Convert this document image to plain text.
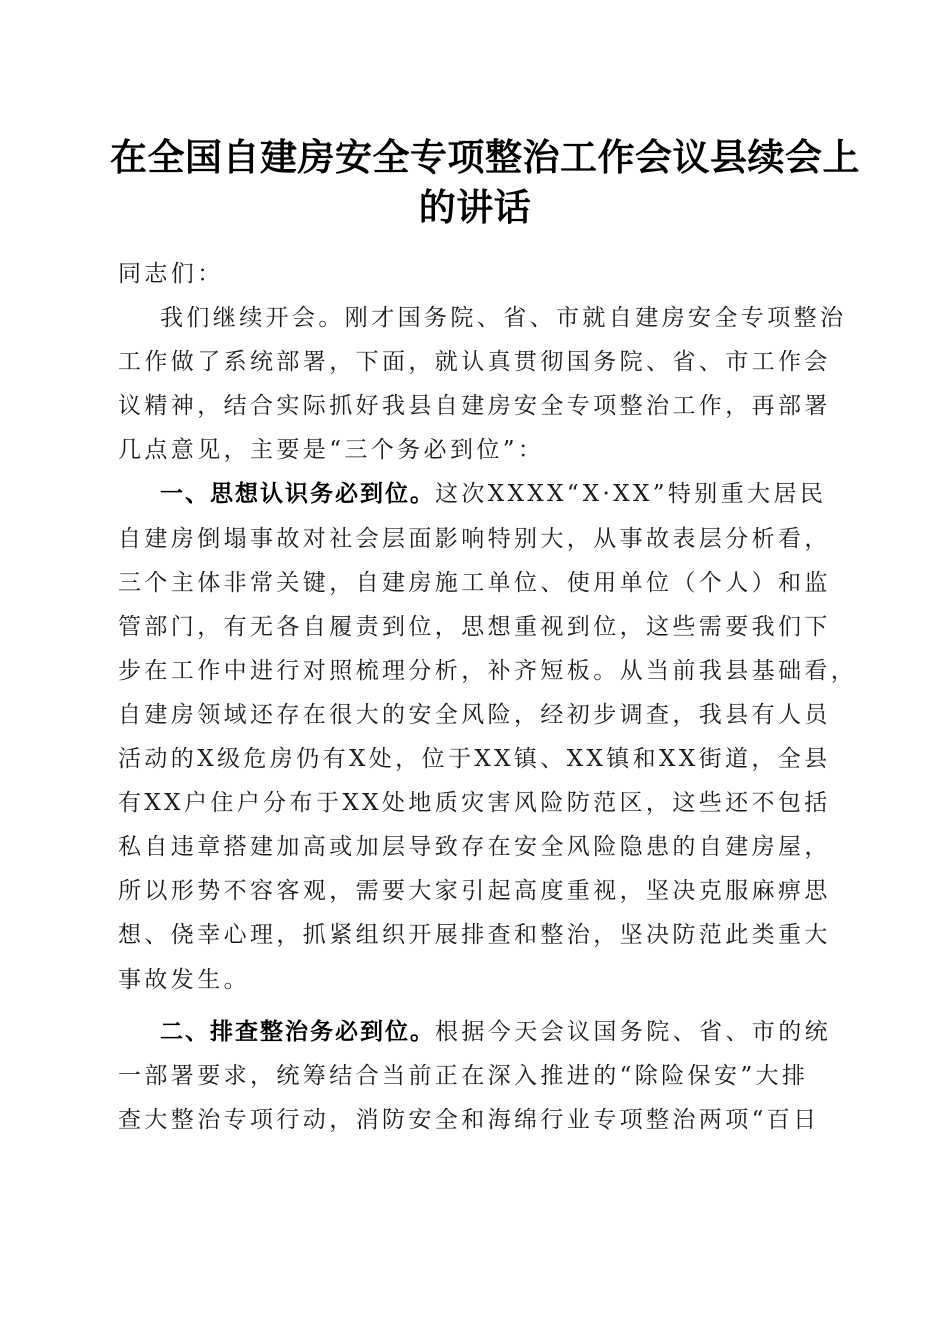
在全国自建房安全专项整治工作会议县续会上
的讲话
同志们：
我们继续开会。刚才国务院、省、市就自建房安全专项整治
工作做了系统部署，下面，就认真贯彻国务院、省、市工作会
议精神，结合实际抓好我县自建房安全专项整治工作，再部署
几点意见，主要是“三个务必到位”：
一、思想认识务必到位。这次XXXX“X·XX”特别重大居民
自建房倒塌事故对社会层面影响特别大，从事故表层分析看，
三个主体非常关键，自建房施工单位、使用单位（个人）和监
管部门，有无各自履责到位，思想重视到位，这些需要我们下
步在工作中进行对照梳理分析，补齐短板。从当前我县基础看，
自建房领域还存在很大的安全风险，经初步调查，我县有人员
活动的X级危房仍有X处，位于XX镇、XX镇和XX街道，全县
有XX户住户分布于XX处地质灾害风险防范区，这些还不包括
私自违章搭建加高或加层导致存在安全风险隐患的自建房屋，
所以形势不容客观，需要大家引起高度重视，坚决克服麻痹思
想、侥幸心理，抓紧组织开展排查和整治，坚决防范此类重大
事故发生。
二、排查整治务必到位。根据今天会议国务院、省、市的统
一部署要求，统筹结合当前正在深入推进的“除险保安”大排
查大整治专项行动，消防安全和海绵行业专项整治两项“百日
